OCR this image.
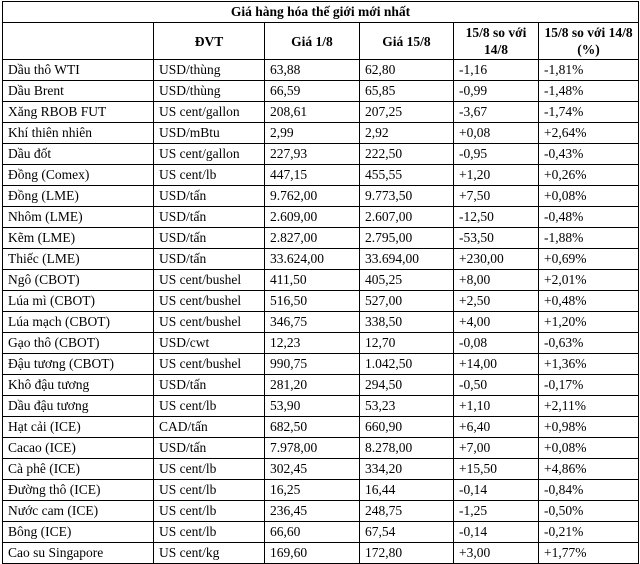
Giá hàng hóa thế giới mới nhất					
	ĐVT	Giá 1/8	Giá 15/8	15/8 so với 14/8	15/8 so với 14/8 (%)
Dầu thô WTI	USD/thùng	63,88	62,80	-1,16	-1,81%
Dầu Brent	USD/thùng	66,59	65,85	-0,99	-1,48%
Xăng RBOB FUT	US cent/gallon	208,61	207,25	-3,67	-1,74%
Khí thiên nhiên	USD/mBtu	2,99	2,92	+0,08	+2,64%
Dầu đốt	US cent/gallon	227,93	222,50	-0,95	-0,43%
Đồng (Comex)	US cent/lb	447,15	455,55	+1,20	+0,26%
Đồng (LME)	USD/tấn	9.762,00	9.773,50	+7,50	+0,08%
Nhôm (LME)	USD/tấn	2.609,00	2.607,00	-12,50	-0,48%
Kẽm (LME)	USD/tấn	2.827,00	2.795,00	-53,50	-1,88%
Thiếc (LME)	USD/tấn	33.624,00	33.694,00	+230,00	+0,69%
Ngô (CBOT)	US cent/bushel	411,50	405,25	+8,00	+2,01%
Lúa mì (CBOT)	US cent/bushel	516,50	527,00	+2,50	+0,48%
Lúa mạch (CBOT)	US cent/bushel	346,75	338,50	+4,00	+1,20%
Gạo thô (CBOT)	USD/cwt	12,23	12,70	-0,08	-0,63%
Đậu tương (CBOT)	US cent/bushel	990,75	1.042,50	+14,00	+1,36%
Khô đậu tương	USD/tấn	281,20	294,50	-0,50	-0,17%
Dầu đậu tương	US cent/lb	53,90	53,23	+1,10	+2,11%
Hạt cải (ICE)	CAD/tấn	682,50	660,90	+6,40	+0,98%
Cacao (ICE)	USD/tấn	7.978,00	8.278,00	+7,00	+0,08%
Cà phê (ICE)	US cent/lb	302,45	334,20	+15,50	+4,86%
Đường thô (ICE)	US cent/lb	16,25	16,44	-0,14	-0,84%
Nước cam (ICE)	US cent/lb	236,45	248,75	-1,25	-0,50%
Bông (ICE)	US cent/lb	66,60	67,54	-0,14	-0,21%
Cao su Singapore	US cent/kg	169,60	172,80	+3,00	+1,77%
